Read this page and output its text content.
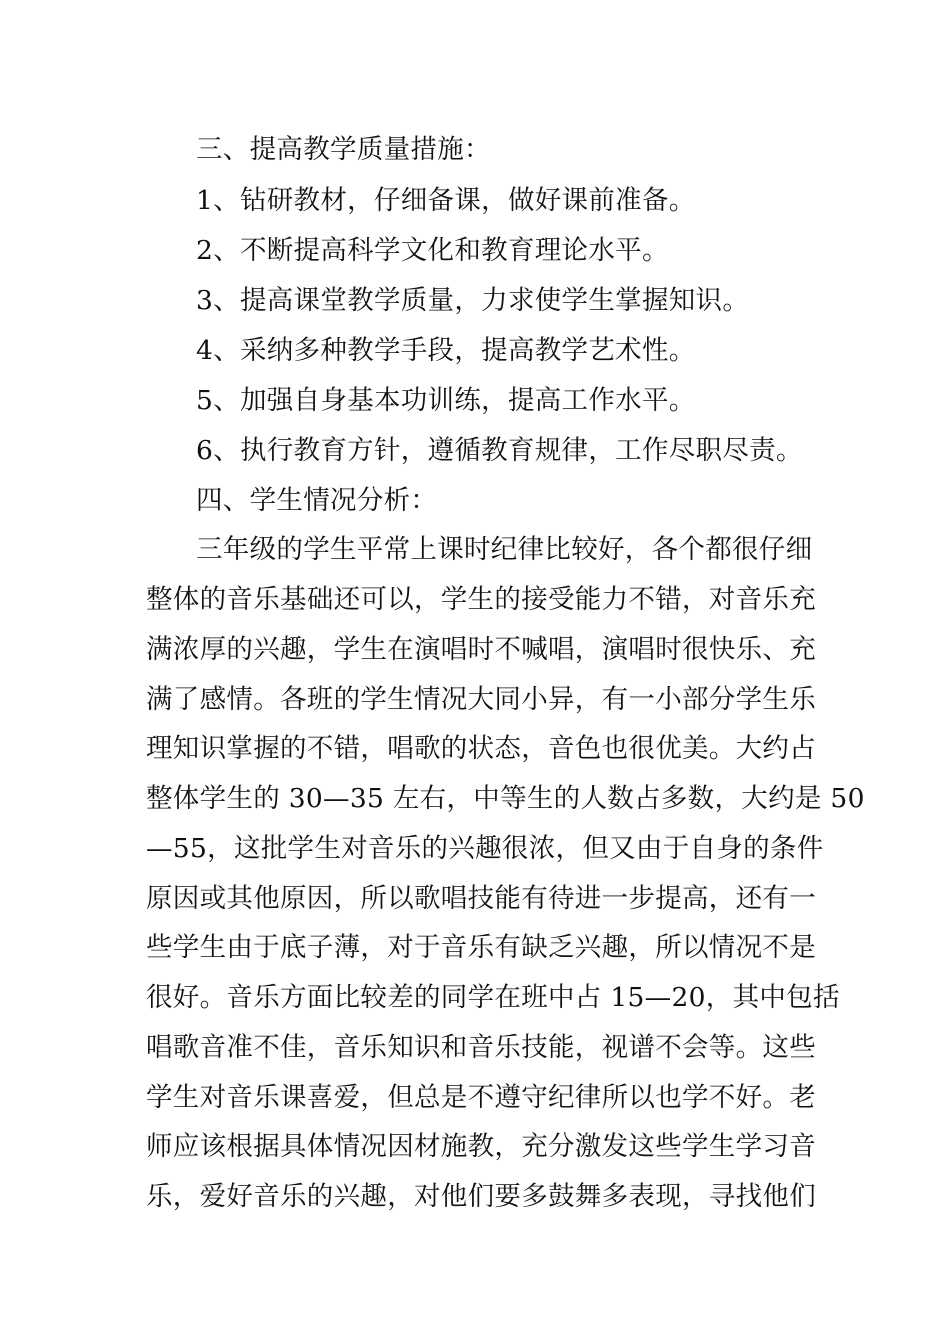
三、提高教学质量措施：
1、钻研教材，仔细备课，做好课前准备。
2、不断提高科学文化和教育理论水平。
3、提高课堂教学质量，力求使学生掌握知识。
4、采纳多种教学手段，提高教学艺术性。
5、加强自身基本功训练，提高工作水平。
6、执行教育方针，遵循教育规律，工作尽职尽责。
四、学生情况分析：
三年级的学生平常上课时纪律比较好，各个都很仔细
整体的音乐基础还可以，学生的接受能力不错，对音乐充
满浓厚的兴趣，学生在演唱时不喊唱，演唱时很快乐、充
满了感情。各班的学生情况大同小异，有一小部分学生乐
理知识掌握的不错，唱歌的状态，音色也很优美。大约占
整体学生的 30—35 左右，中等生的人数占多数，大约是 50
—55，这批学生对音乐的兴趣很浓，但又由于自身的条件
原因或其他原因，所以歌唱技能有待进一步提高，还有一
些学生由于底子薄，对于音乐有缺乏兴趣，所以情况不是
很好。音乐方面比较差的同学在班中占 15—20，其中包括
唱歌音准不佳，音乐知识和音乐技能，视谱不会等。这些
学生对音乐课喜爱，但总是不遵守纪律所以也学不好。老
师应该根据具体情况因材施教，充分激发这些学生学习音
乐，爱好音乐的兴趣，对他们要多鼓舞多表现，寻找他们
